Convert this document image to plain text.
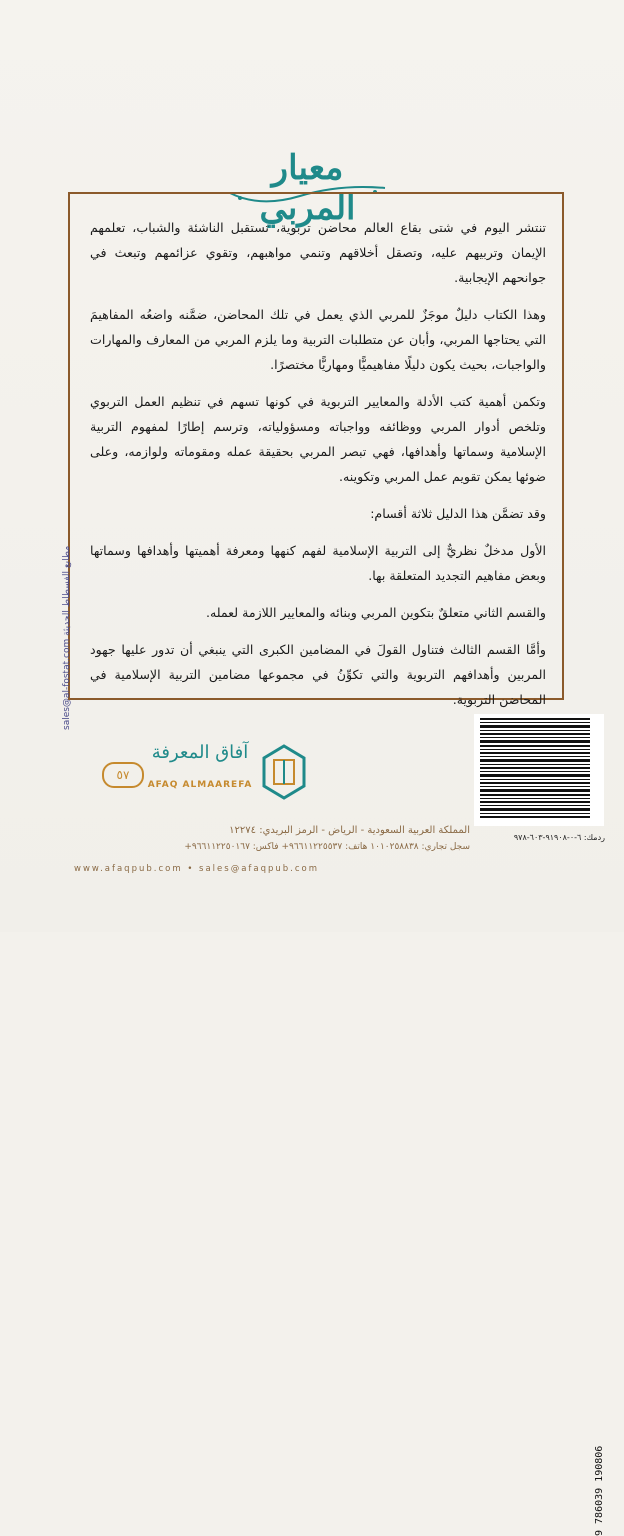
معيار المربي

تنتشر اليوم في شتى بقاع العالم محاضن تربوية، تستقبل الناشئة والشباب، تعلمهم الإيمان وتربيهم عليه، وتصقل أخلاقهم وتنمي مواهبهم، وتقوي عزائمهم وتبعث في جوانحهم الإيجابية.

وهذا الكتاب دليلٌ موجَزٌ للمربي الذي يعمل في تلك المحاضن، ضمَّنه واضعُه المفاهيمَ التي يحتاجها المربي، وأبان عن متطلبات التربية وما يلزم المربي من المعارف والمهارات والواجبات، بحيث يكون دليلًا مفاهيميًّا ومهاريًّا مختصرًا.

وتكمن أهمية كتب الأدلة والمعايير التربوية في كونها تسهم في تنظيم العمل التربوي وتلخص أدوار المربي ووظائفه وواجباته ومسؤولياته، وترسم إطارًا لمفهوم التربية الإسلامية وسماتها وأهدافها، فهي تبصر المربي بحقيقة عمله ومقوماته ولوازمه، وعلى ضوئها يمكن تقويم عمل المربي وتكوينه.

وقد تضمَّن هذا الدليل ثلاثة أقسام:

الأول مدخلٌ نظريٌّ إلى التربية الإسلامية لفهم كنهها ومعرفة أهميتها وأهدافها وسماتها وبعض مفاهيم التجديد المتعلقة بها.

والقسم الثاني متعلقٌ بتكوين المربي وبنائه والمعايير اللازمة لعمله.

وأمَّا القسم الثالث فتناول القولَ في المضامين الكبرى التي ينبغي أن تدور عليها جهود المربين وأهدافهم التربوية والتي تكوِّنُ في مجموعها مضامين التربية الإسلامية في المحاضن التربوية.

sales@al-fostat.com مطابع الفسطاط الحديثة
٥٧
آفاق المعرفة
AFAQ ALMAAREFA
9 786039 190806
ردمك: ٦-٠-٩١٩٠٨-٦٠٣-٩٧٨
المملكة العربية السعودية - الرياض - الرمز البريدي: ١٢٢٧٤
سجل تجاري: ١٠١٠٢٥٨٨٣٨ هاتف: ٩٦٦١١٢٢٥٥٣٧+ فاكس: ٩٦٦١١٢٢٥٠١٦٧+
www.afaqpub.com • sales@afaqpub.com
